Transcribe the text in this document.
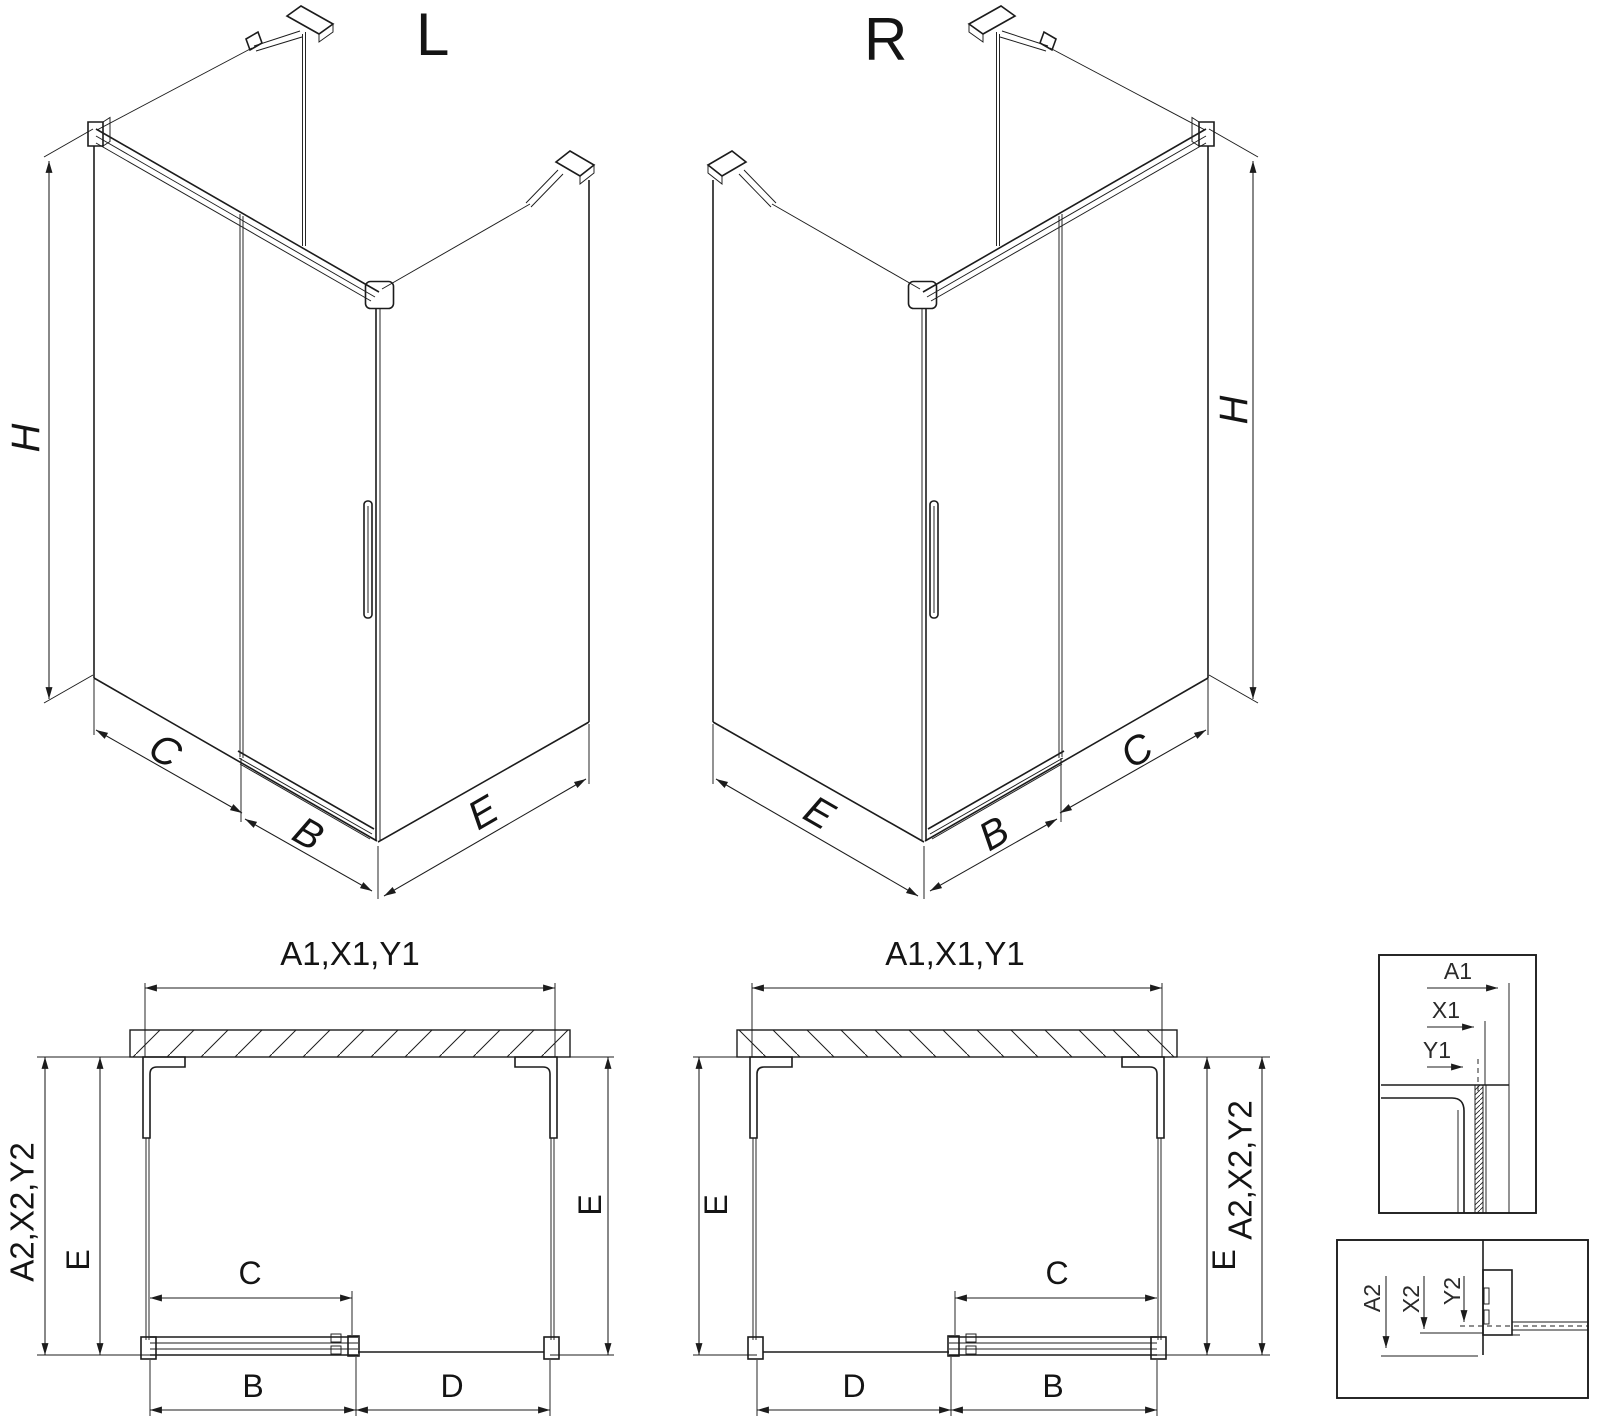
L
H
C
B	E
R
H
E	B
C
A1,X1,Y1
A2,X2,Y2 E
E
C
B	D
A1,X1,Y1
A2,X2,Y2
E
E
C
D	B
A1
X1
Y1
A2 X2 Y2
